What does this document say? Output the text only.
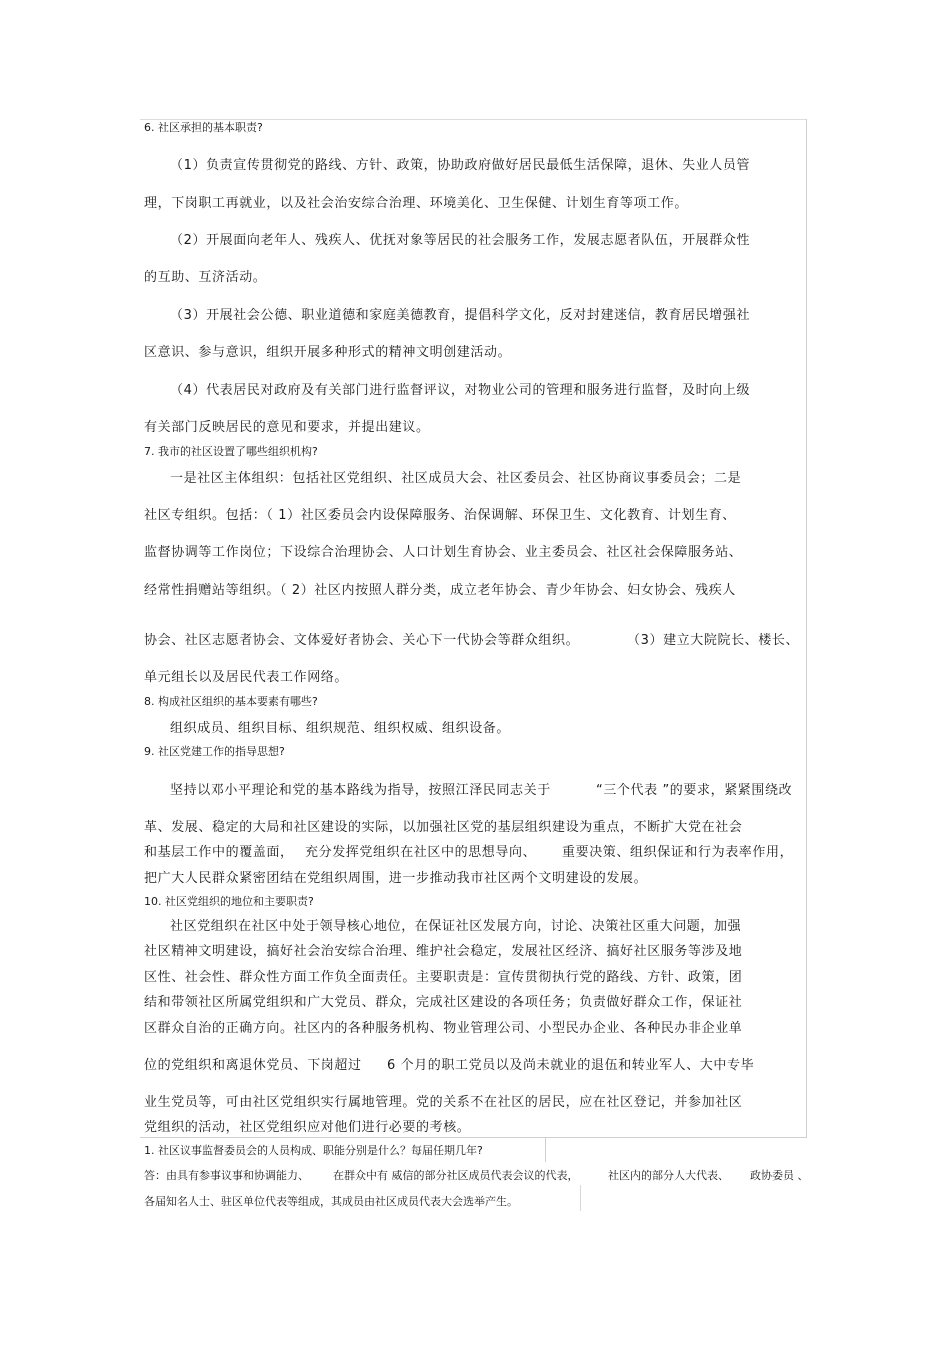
6. 社区承担的基本职责?
（1）负责宣传贯彻党的路线、方针、政策，协助政府做好居民最低生活保障，退休、失业人员管
理，下岗职工再就业，以及社会治安综合治理、环境美化、卫生保健、计划生育等项工作。
（2）开展面向老年人、残疾人、优抚对象等居民的社会服务工作，发展志愿者队伍，开展群众性
的互助、互济活动。
（3）开展社会公德、职业道德和家庭美德教育，提倡科学文化，反对封建迷信，教育居民增强社
区意识、参与意识，组织开展多种形式的精神文明创建活动。
（4）代表居民对政府及有关部门进行监督评议，对物业公司的管理和服务进行监督，及时向上级
有关部门反映居民的意见和要求，并提出建议。
7. 我市的社区设置了哪些组织机构?
一是社区主体组织：包括社区党组织、社区成员大会、社区委员会、社区协商议事委员会；二是
社区专组织。包括：（ 1）社区委员会内设保障服务、治保调解、环保卫生、文化教育、计划生育、
监督协调等工作岗位；下设综合治理协会、人口计划生育协会、业主委员会、社区社会保障服务站、
经常性捐赠站等组织。（ 2）社区内按照人群分类，成立老年协会、青少年协会、妇女协会、残疾人
协会、社区志愿者协会、文体爱好者协会、关心下一代协会等群众组织。	（3）建立大院院长、楼长、
单元组长以及居民代表工作网络。
8. 构成社区组织的基本要素有哪些?
组织成员、组织目标、组织规范、组织权威、组织设备。
9. 社区党建工作的指导思想?
坚持以邓小平理论和党的基本路线为指导，按照江泽民同志关于	“三个代表 ”的要求，紧紧围绕改
革、发展、稳定的大局和社区建设的实际，以加强社区党的基层组织建设为重点，不断扩大党在社会
和基层工作中的覆盖面， 充分发挥党组织在社区中的思想导向、 重要决策、组织保证和行为表率作用，
把广大人民群众紧密团结在党组织周围，进一步推动我市社区两个文明建设的发展。
10. 社区党组织的地位和主要职责?
社区党组织在社区中处于领导核心地位，在保证社区发展方向，讨论、决策社区重大问题，加强
社区精神文明建设，搞好社会治安综合治理、维护社会稳定，发展社区经济、搞好社区服务等涉及地
区性、社会性、群众性方面工作负全面责任。主要职责是：宣传贯彻执行党的路线、方针、政策，团
结和带领社区所属党组织和广大党员、群众，完成社区建设的各项任务；负责做好群众工作，保证社
区群众自治的正确方向。社区内的各种服务机构、物业管理公司、小型民办企业、各种民办非企业单
位的党组织和离退休党员、下岗超过 6 个月的职工党员以及尚未就业的退伍和转业军人、大中专毕
业生党员等，可由社区党组织实行属地管理。党的关系不在社区的居民，应在社区登记，并参加社区
党组织的活动，社区党组织应对他们进行必要的考核。
1. 社区议事监督委员会的人员构成、职能分别是什么？每届任期几年?
答：由具有参事议事和协调能力、 在群众中有 威信的部分社区成员代表会议的代表，	社区内的部分人大代表、 政协委员 、
各届知名人士、驻区单位代表等组成，其成员由社区成员代表大会选举产生。
